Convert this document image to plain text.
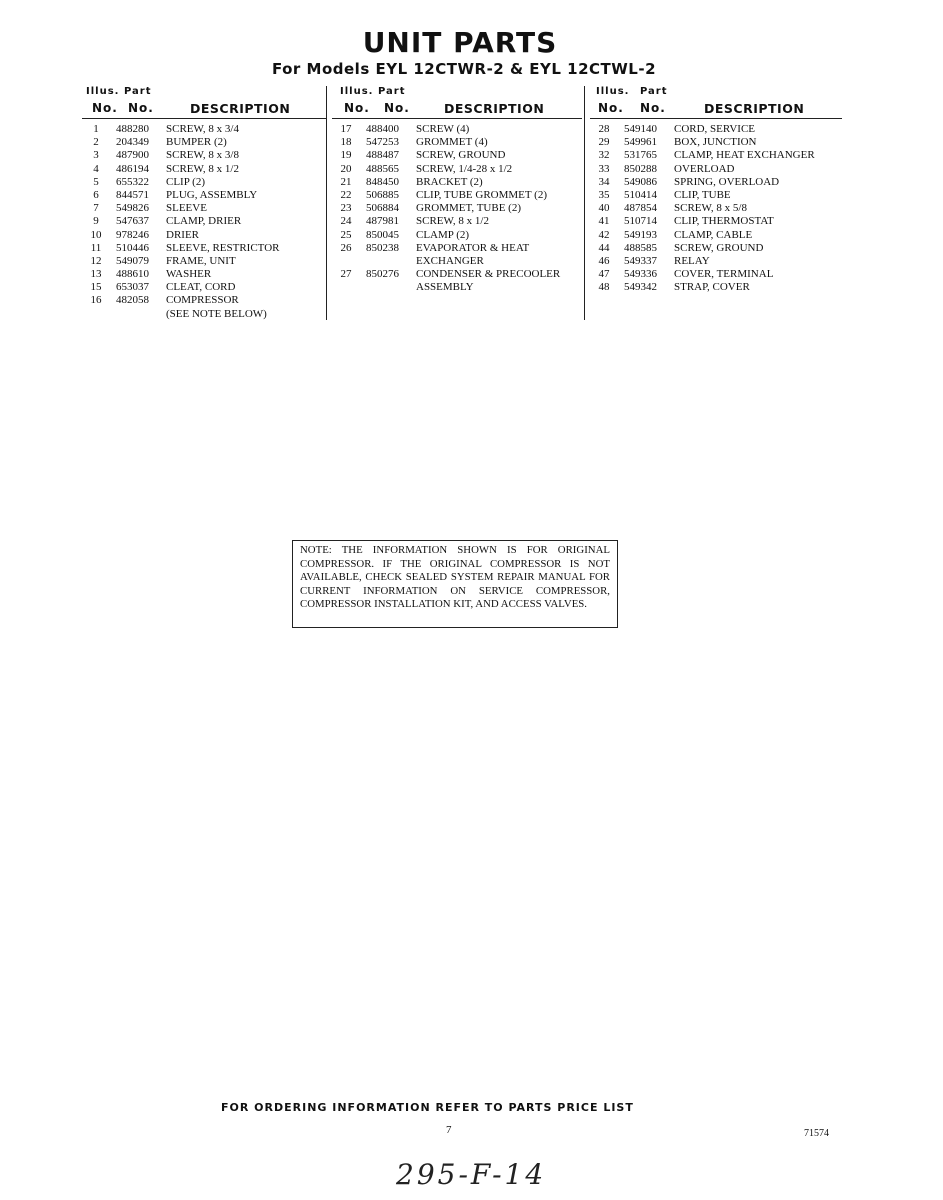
UNIT PARTS
For Models EYL 12CTWR-2 & EYL 12CTWL-2
Illus. Part
No. No.	DESCRIPTION
1	488280 SCREW, 8 x 3/4
2	204349 BUMPER (2)
3	487900 SCREW, 8 x 3/8
4	486194 SCREW, 8 x 1/2
5	655322 CLIP (2)
6	844571 PLUG, ASSEMBLY
7	549826 SLEEVE
9	547637 CLAMP, DRIER
10	978246 DRIER
11	510446 SLEEVE, RESTRICTOR
12	549079 FRAME, UNIT
13	488610 WASHER
15	653037 CLEAT, CORD
16	482058 COMPRESSOR
(SEE NOTE BELOW)
Illus. Part
No. No.	DESCRIPTION
17	488400 SCREW (4)
18	547253 GROMMET (4)
19	488487 SCREW, GROUND
20	488565 SCREW, 1/4-28 x 1/2
21	848450 BRACKET (2)
22	506885 CLIP, TUBE GROMMET (2)
23	506884 GROMMET, TUBE (2)
24	487981 SCREW, 8 x 1/2
25	850045 CLAMP (2)
26	850238 EVAPORATOR & HEAT
EXCHANGER
27	850276 CONDENSER & PRECOOLER
ASSEMBLY
Illus. Part
No. No.	DESCRIPTION
28	549140 CORD, SERVICE
29	549961 BOX, JUNCTION
32	531765 CLAMP, HEAT EXCHANGER
33	850288 OVERLOAD
34	549086 SPRING, OVERLOAD
35	510414 CLIP, TUBE
40	487854 SCREW, 8 x 5/8
41	510714 CLIP, THERMOSTAT
42	549193 CLAMP, CABLE
44	488585 SCREW, GROUND
46	549337 RELAY
47	549336 COVER, TERMINAL
48	549342 STRAP, COVER
NOTE: THE INFORMATION SHOWN IS FOR ORIGINAL COMPRESSOR. IF THE ORIGINAL COMPRESSOR IS NOT AVAILABLE, CHECK SEALED SYSTEM REPAIR MANUAL FOR CURRENT INFORMATION ON SERVICE COMPRESSOR, COMPRESSOR INSTALLATION KIT, AND ACCESS VALVES.
FOR ORDERING INFORMATION REFER TO PARTS PRICE LIST
7	71574
295-F-14
